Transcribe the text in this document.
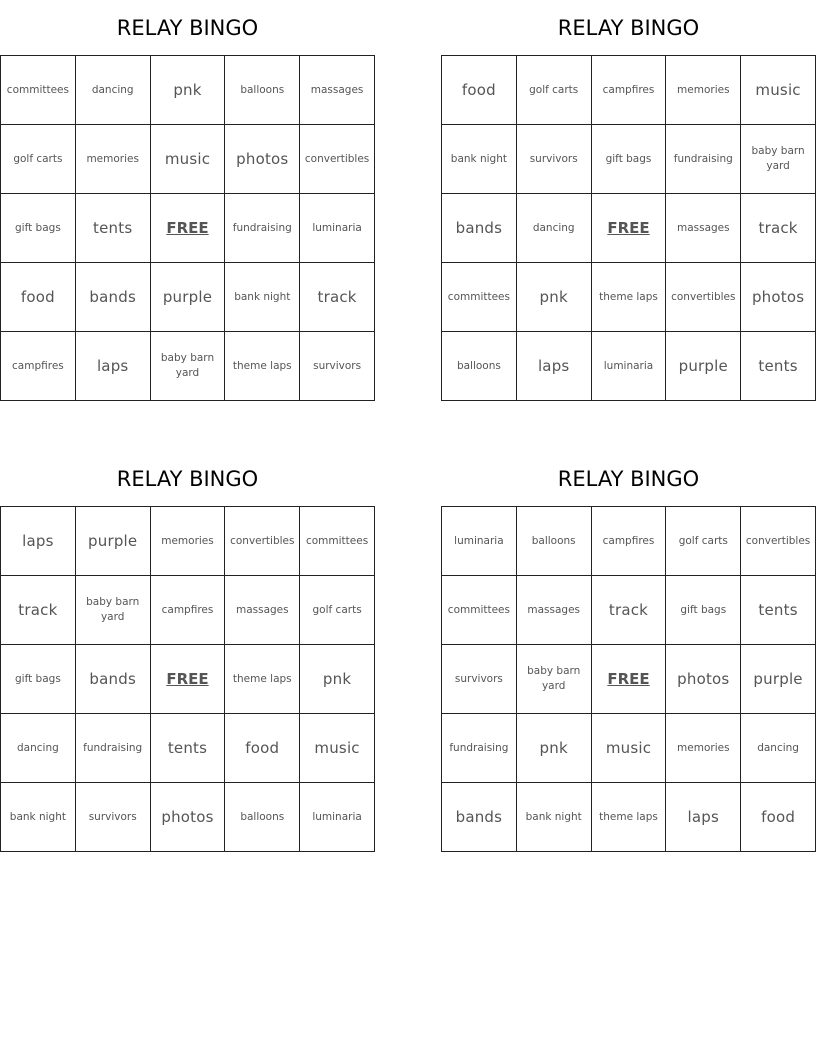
RELAY BINGO
committees	dancing	pnk	balloons	massages
golf carts	memories	music	photos	convertibles
gift bags	tents	FREE	fundraising	luminaria
food	bands	purple	bank night	track
campfires	laps	baby barn yard	theme laps	survivors
RELAY BINGO
food	golf carts	campfires	memories	music
bank night	survivors	gift bags	fundraising	baby barn yard
bands	dancing	FREE	massages	track
committees	pnk	theme laps	convertibles	photos
balloons	laps	luminaria	purple	tents
RELAY BINGO
laps	purple	memories	convertibles	committees
track	baby barn yard	campfires	massages	golf carts
gift bags	bands	FREE	theme laps	pnk
dancing	fundraising	tents	food	music
bank night	survivors	photos	balloons	luminaria
RELAY BINGO
luminaria	balloons	campfires	golf carts	convertibles
committees	massages	track	gift bags	tents
survivors	baby barn yard	FREE	photos	purple
fundraising	pnk	music	memories	dancing
bands	bank night	theme laps	laps	food
